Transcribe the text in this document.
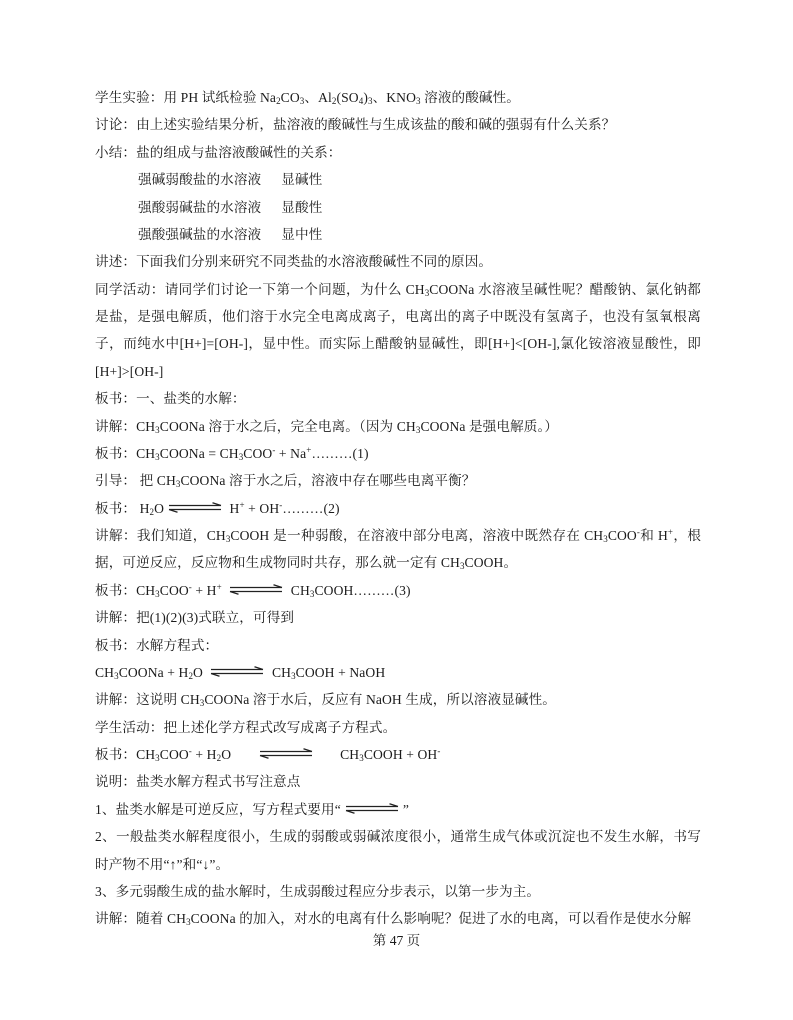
学生实验：用 PH 试纸检验 $Na_2CO_3$、$Al_2(SO_4)_3$、$KNO_3$ 溶液的酸碱性。
讨论：由上述实验结果分析，盐溶液的酸碱性与生成该盐的酸和碱的强弱有什么关系？
小结：盐的组成与盐溶液酸碱性的关系：
强碱弱酸盐的水溶液 显碱性
强酸弱碱盐的水溶液 显酸性
强酸强碱盐的水溶液 显中性
讲述：下面我们分别来研究不同类盐的水溶液酸碱性不同的原因。
同学活动：请同学们讨论一下第一个问题，为什么 $CH_3COONa$ 水溶液呈碱性呢？醋酸钠、氯化钠都
是盐，是强电解质，他们溶于水完全电离成离子，电离出的离子中既没有氢离子，也没有氢氧根离
子，而纯水中[H+]=[OH-]，显中性。而实际上醋酸钠显碱性，即[H+]<[OH-],氯化铵溶液显酸性，即
[H+]>[OH-]
板书：一、盐类的水解：
讲解：$CH_3COONa$ 溶于水之后，完全电离。（因为 $CH_3COONa$ 是强电解质。）
板书：$CH_3COONa = CH_3COO^-$ + Na+………(1)
引导： 把 $CH_3COONa$ 溶于水之后，溶液中存在哪些电离平衡？
板书： $H_2O$	H+ + OH-………(2)
讲解：我们知道，$CH_3COOH$ 是一种弱酸，在溶液中部分电离，溶液中既然存在 $CH_3COO^-$和 H+，根
据，可逆反应，反应物和生成物同时共存，那么就一定有 $CH_3COOH$。
板书：$CH_3COO^- + H^+$	$CH_3COOH\dots\dots\dots(3)$
讲解：把(1)(2)(3)式联立，可得到
板书：水解方程式：
$CH_3COONa + H_2O$	$CH_3COOH$ + NaOH
讲解：这说明 $CH_3COONa$ 溶于水后，反应有 NaOH 生成，所以溶液显碱性。
学生活动：把上述化学方程式改写成离子方程式。
板书：$CH_3COO^- + H_2O$	$CH_3COOH + OH^-$
说明：盐类水解方程式书写注意点
1、盐类水解是可逆反应，写方程式要用“	”
2、一般盐类水解程度很小，生成的弱酸或弱碱浓度很小，通常生成气体或沉淀也不发生水解，书写
时产物不用“↑”和“↓”。
3、多元弱酸生成的盐水解时，生成弱酸过程应分步表示，以第一步为主。
讲解：随着 $CH_3COONa$ 的加入，对水的电离有什么影响呢？促进了水的电离，可以看作是使水分解
第 47 页
